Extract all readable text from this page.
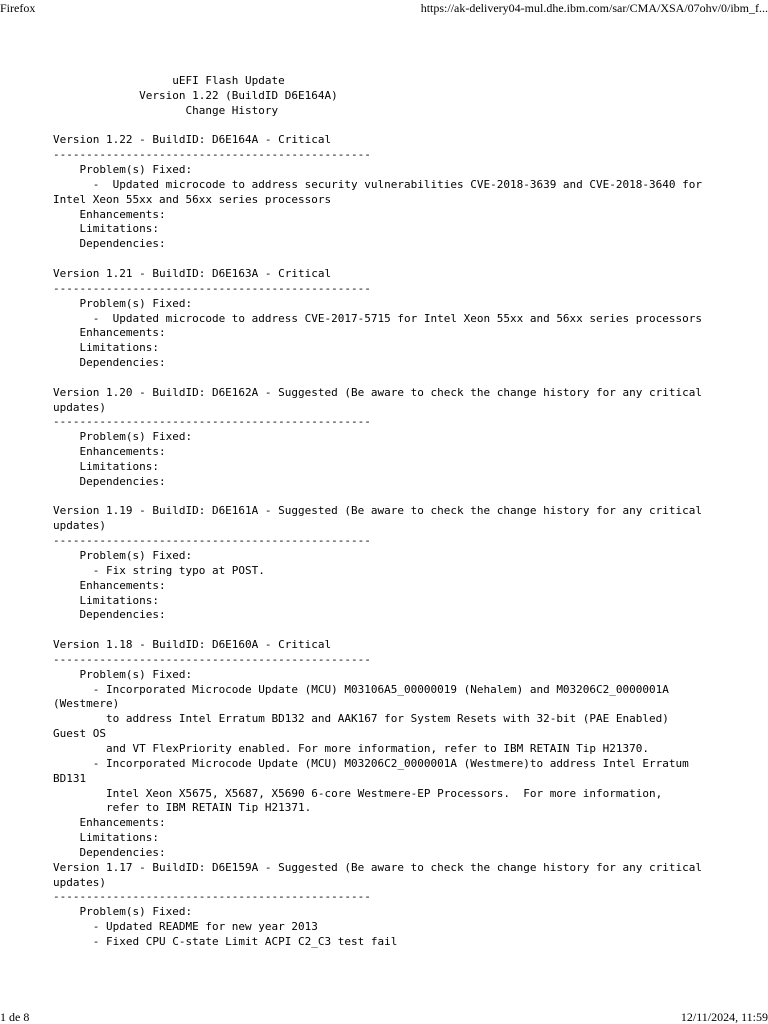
Firefox	https://ak-delivery04-mul.dhe.ibm.com/sar/CMA/XSA/07ohv/0/ibm_f...
uEFI Flash Update
Version 1.22 (BuildID D6E164A)
Change History
Version 1.22 - BuildID: D6E164A - Critical
------------------------------------------------
Problem(s) Fixed:
-  Updated microcode to address security vulnerabilities CVE-2018-3639 and CVE-2018-3640 for
Intel Xeon 55xx and 56xx series processors
Enhancements:
Limitations:
Dependencies:
Version 1.21 - BuildID: D6E163A - Critical
------------------------------------------------
Problem(s) Fixed:
-  Updated microcode to address CVE-2017-5715 for Intel Xeon 55xx and 56xx series processors
Enhancements:
Limitations:
Dependencies:
Version 1.20 - BuildID: D6E162A - Suggested (Be aware to check the change history for any critical
updates)
------------------------------------------------
Problem(s) Fixed:
Enhancements:
Limitations:
Dependencies:
Version 1.19 - BuildID: D6E161A - Suggested (Be aware to check the change history for any critical
updates)
------------------------------------------------
Problem(s) Fixed:
- Fix string typo at POST.
Enhancements:
Limitations:
Dependencies:
Version 1.18 - BuildID: D6E160A - Critical
------------------------------------------------
Problem(s) Fixed:
- Incorporated Microcode Update (MCU) M03106A5_00000019 (Nehalem) and M03206C2_0000001A
(Westmere)
to address Intel Erratum BD132 and AAK167 for System Resets with 32-bit (PAE Enabled)
Guest OS
and VT FlexPriority enabled. For more information, refer to IBM RETAIN Tip H21370.
- Incorporated Microcode Update (MCU) M03206C2_0000001A (Westmere)to address Intel Erratum
BD131
Intel Xeon X5675, X5687, X5690 6-core Westmere-EP Processors.  For more information,
refer to IBM RETAIN Tip H21371.
Enhancements:
Limitations:
Dependencies:
Version 1.17 - BuildID: D6E159A - Suggested (Be aware to check the change history for any critical
updates)
------------------------------------------------
Problem(s) Fixed:
- Updated README for new year 2013
- Fixed CPU C-state Limit ACPI C2_C3 test fail
1 de 8	12/11/2024, 11:59
